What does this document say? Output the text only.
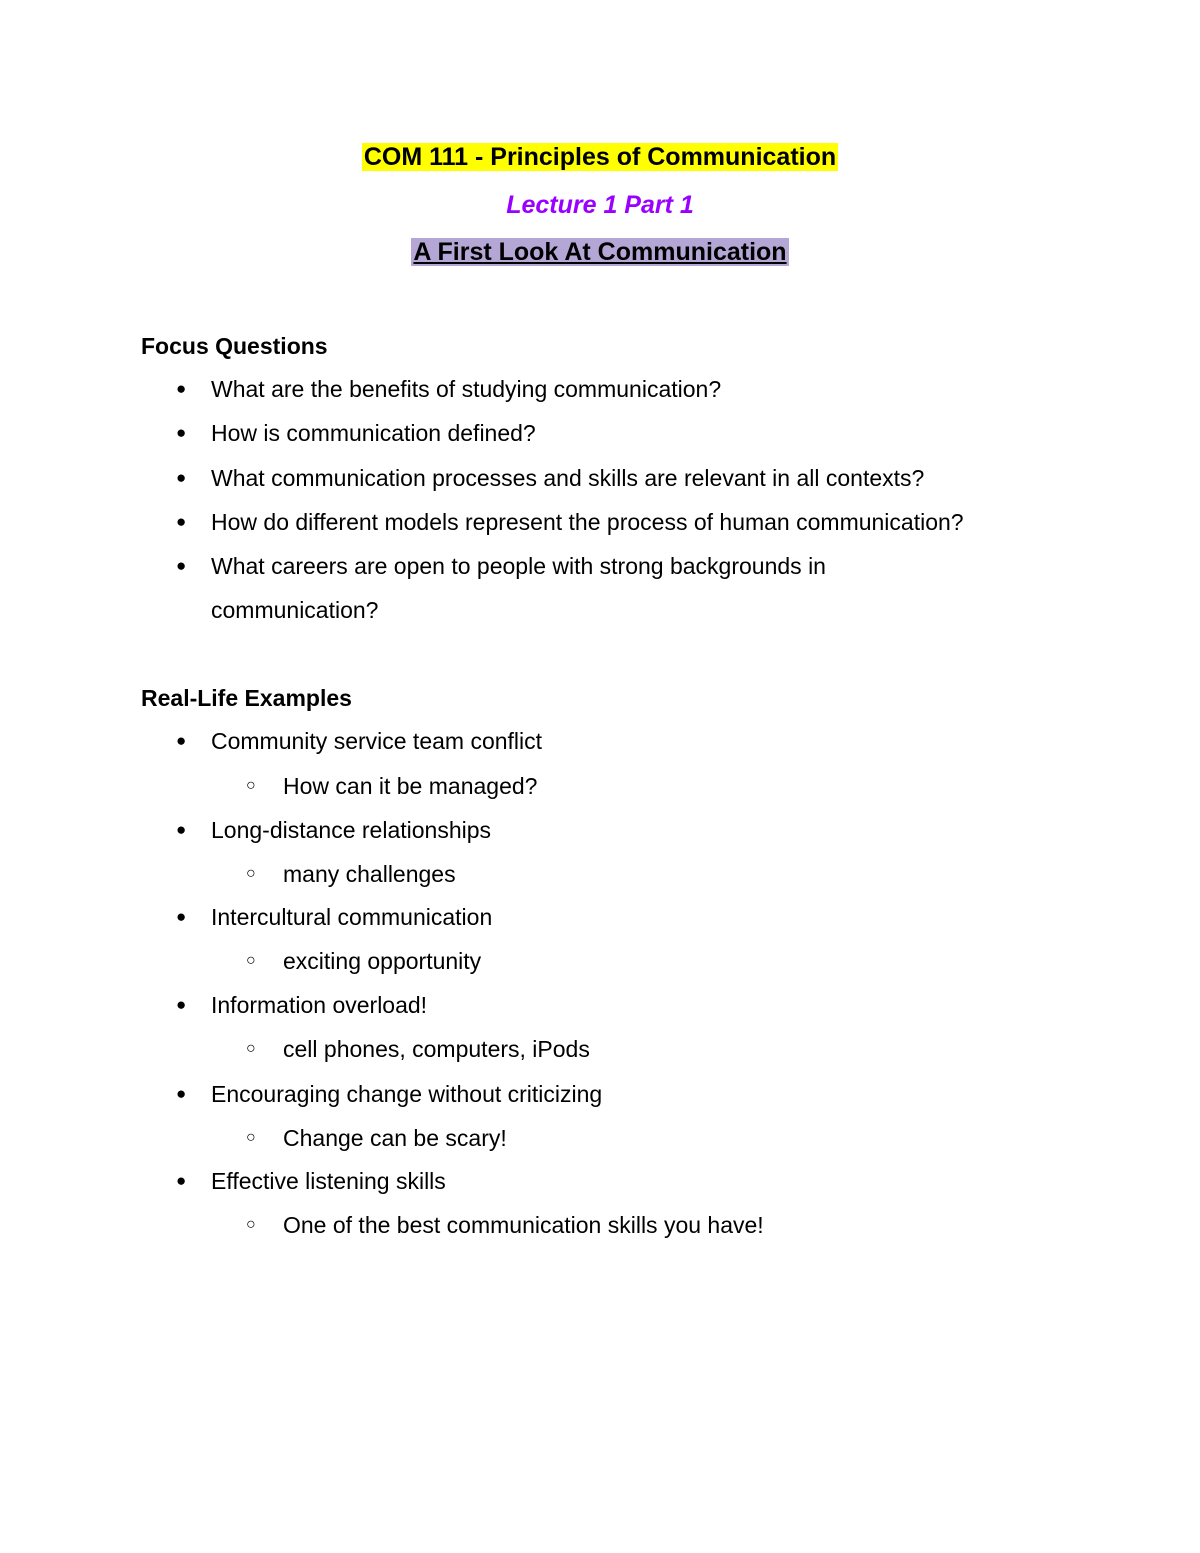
COM 111 - Principles of Communication
Lecture 1 Part 1
A First Look At Communication
Focus Questions
●	What are the benefits of studying communication?
●	How is communication defined?
●	What communication processes and skills are relevant in all contexts?
●	How do different models represent the process of human communication?
●	What careers are open to people with strong backgrounds in communication?
Real-Life Examples
●	Community service team conflict
○	How can it be managed?
●	Long-distance relationships
○	many challenges
●	Intercultural communication
○	exciting opportunity
●	Information overload!
○	cell phones, computers, iPods
●	Encouraging change without criticizing
○	Change can be scary!
●	Effective listening skills
○	One of the best communication skills you have!
